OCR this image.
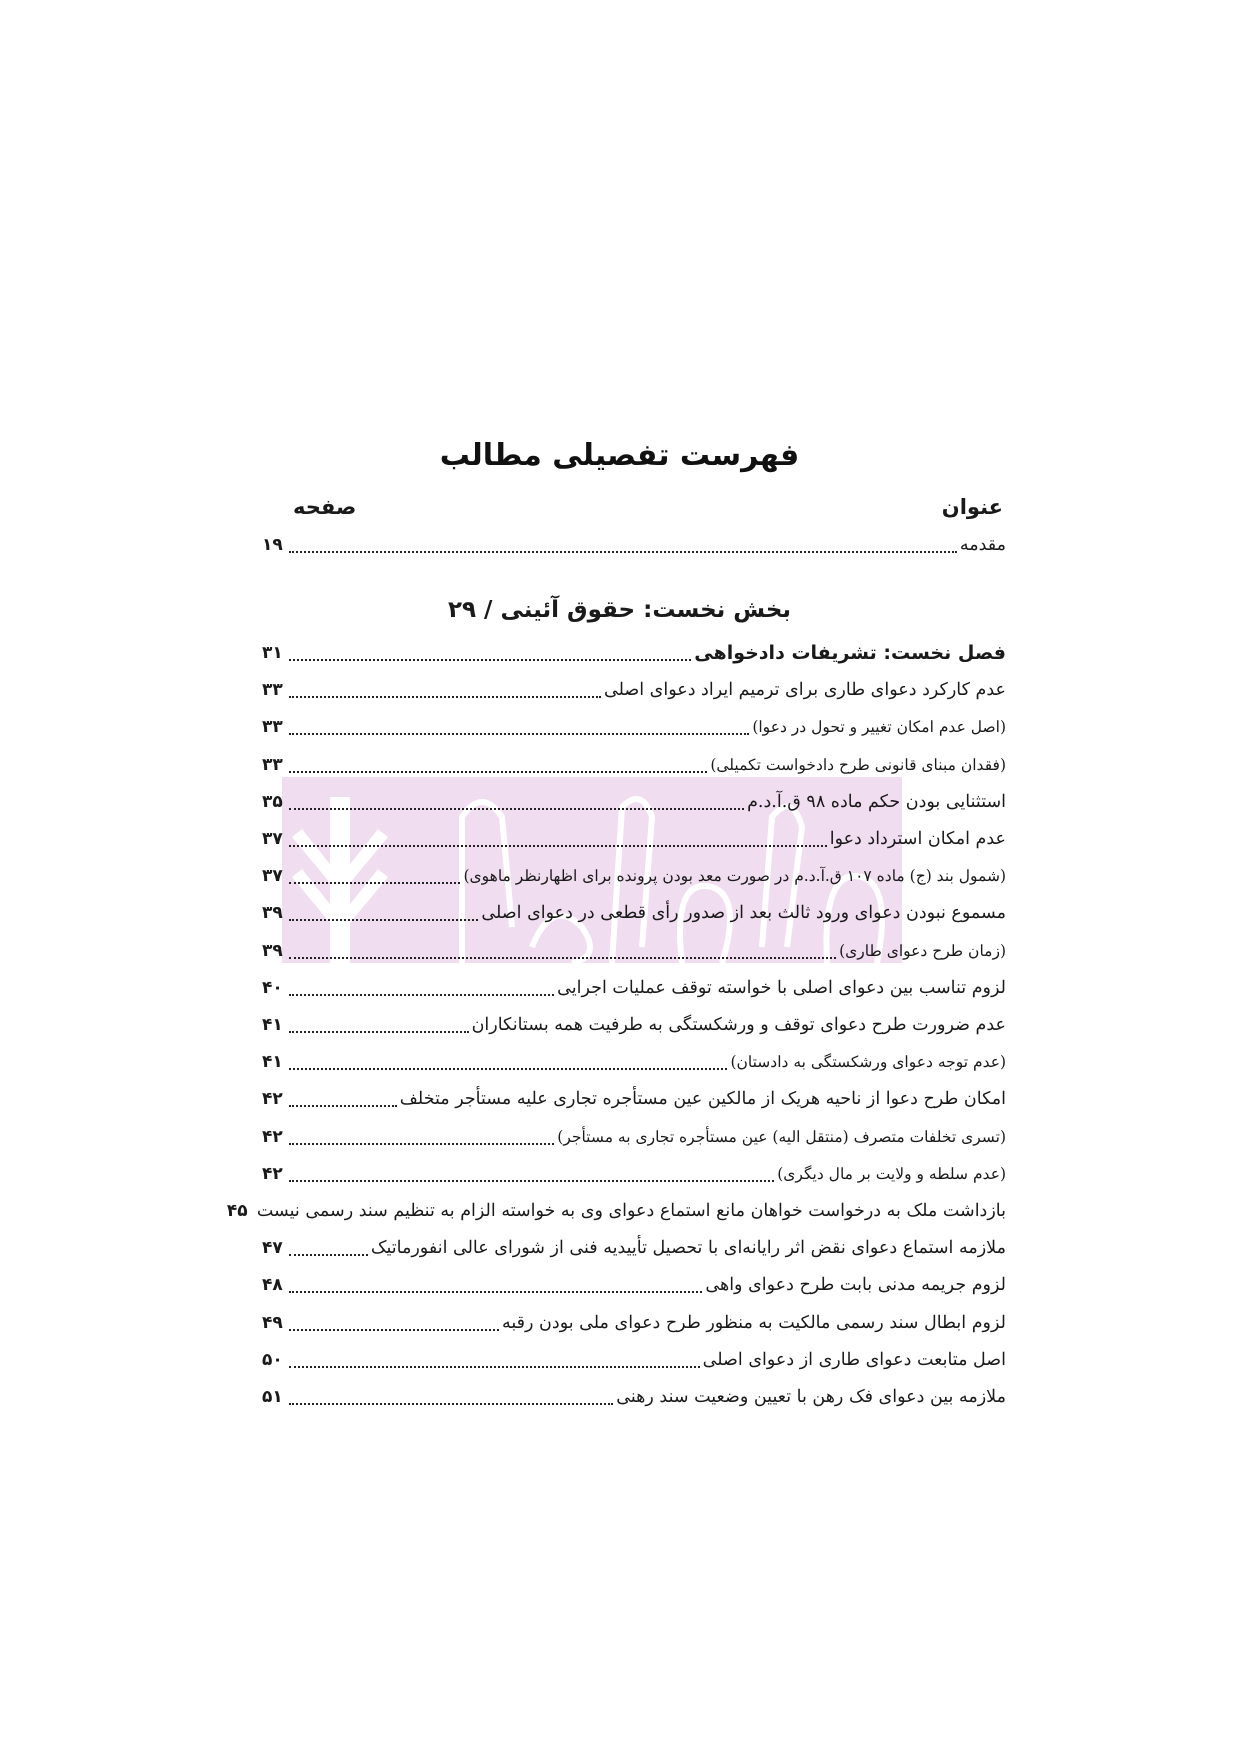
فهرست تفصیلی مطالب
عنوان
صفحه
مقدمه
۱۹
بخش نخست: حقوق آئینی / ۲۹
فصل نخست: تشریفات دادخواهی
۳۱
عدم کارکرد دعوای طاری برای ترمیم ایراد دعوای اصلی
۳۳
(اصل عدم امکان تغییر و تحول در دعوا)
۳۳
(فقدان مبنای قانونی طرح دادخواست تکمیلی)
۳۳
استثنایی بودن حکم ماده ۹۸ ق.آ.د.م
۳۵
عدم امکان استرداد دعوا
۳۷
(شمول بند (ج) ماده ۱۰۷ ق.آ.د.م در صورت معد بودن پرونده برای اظهارنظر ماهوی)
۳۷
مسموع نبودن دعوای ورود ثالث بعد از صدور رأی قطعی در دعوای اصلی
۳۹
(زمان طرح دعوای طاری)
۳۹
لزوم تناسب بین دعوای اصلی با خواسته توقف عملیات اجرایی
۴۰
عدم ضرورت طرح دعوای توقف و ورشکستگی به طرفیت همه بستانکاران
۴۱
(عدم توجه دعوای ورشکستگی به دادستان)
۴۱
امکان طرح دعوا از ناحیه هریک از مالکین عین مستأجره تجاری علیه مستأجر متخلف
۴۲
(تسری تخلفات متصرف (منتقل الیه) عین مستأجره تجاری به مستأجر)
۴۲
(عدم سلطه و ولایت بر مال دیگری)
۴۲
بازداشت ملک به درخواست خواهان مانع استماع دعوای وی به خواسته الزام به تنظیم سند رسمی نیست
۴۵
ملازمه استماع دعوای نقض اثر رایانه‌ای با تحصیل تأییدیه فنی از شورای عالی انفورماتیک
۴۷
لزوم جریمه مدنی بابت طرح دعوای واهی
۴۸
لزوم ابطال سند رسمی مالکیت به منظور طرح دعوای ملی بودن رقبه
۴۹
اصل متابعت دعوای طاری از دعوای اصلی
۵۰
ملازمه بین دعوای فک رهن با تعیین وضعیت سند رهنی
۵۱
